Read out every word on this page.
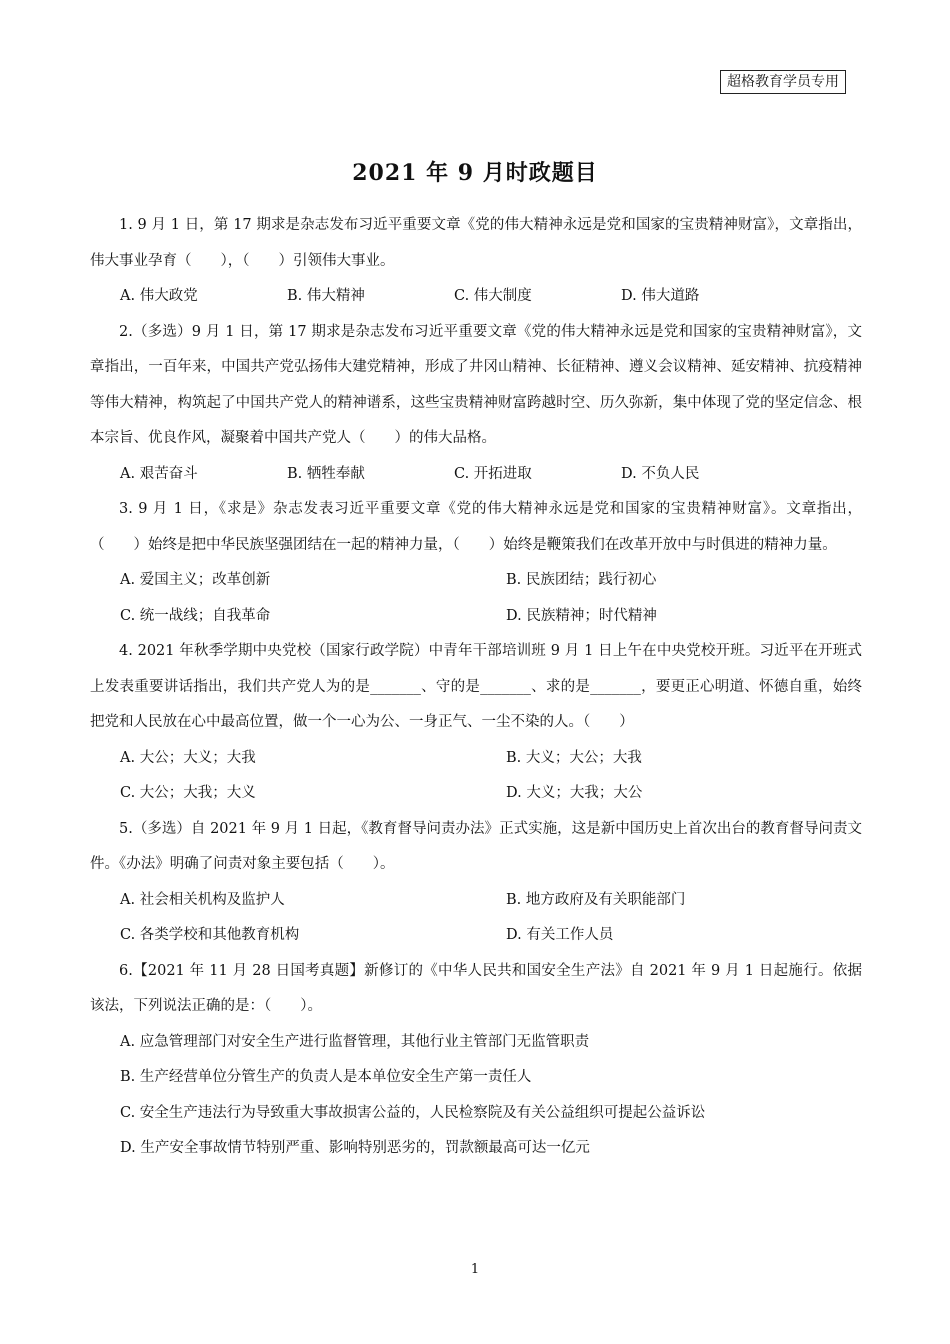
超格教育学员专用
2021 年 9 月时政题目

1. 9 月 1 日，第 17 期求是杂志发布习近平重要文章《党的伟大精神永远是党和国家的宝贵精神财富》，文章指出，伟大事业孕育（　　），（　　）引领伟大事业。

A. 伟大政党	B. 伟大精神	C. 伟大制度	D. 伟大道路

2.（多选）9 月 1 日，第 17 期求是杂志发布习近平重要文章《党的伟大精神永远是党和国家的宝贵精神财富》，文章指出，一百年来，中国共产党弘扬伟大建党精神，形成了井冈山精神、长征精神、遵义会议精神、延安精神、抗疫精神等伟大精神，构筑起了中国共产党人的精神谱系，这些宝贵精神财富跨越时空、历久弥新，集中体现了党的坚定信念、根本宗旨、优良作风，凝聚着中国共产党人（　　）的伟大品格。

A. 艰苦奋斗	B. 牺牲奉献	C. 开拓进取	D. 不负人民

3. 9 月 1 日，《求是》杂志发表习近平重要文章《党的伟大精神永远是党和国家的宝贵精神财富》。文章指出，（　　）始终是把中华民族坚强团结在一起的精神力量，（　　）始终是鞭策我们在改革开放中与时俱进的精神力量。

A. 爱国主义；改革创新	B. 民族团结；践行初心
C. 统一战线；自我革命	D. 民族精神；时代精神

4. 2021 年秋季学期中央党校（国家行政学院）中青年干部培训班 9 月 1 日上午在中央党校开班。习近平在开班式上发表重要讲话指出，我们共产党人为的是_______、守的是_______、求的是_______，要更正心明道、怀德自重，始终把党和人民放在心中最高位置，做一个一心为公、一身正气、一尘不染的人。（　　）

A. 大公；大义；大我	B. 大义；大公；大我
C. 大公；大我；大义	D. 大义；大我；大公

5.（多选）自 2021 年 9 月 1 日起，《教育督导问责办法》正式实施，这是新中国历史上首次出台的教育督导问责文件。《办法》明确了问责对象主要包括（　　）。

A. 社会相关机构及监护人	B. 地方政府及有关职能部门
C. 各类学校和其他教育机构	D. 有关工作人员

6.【2021 年 11 月 28 日国考真题】新修订的《中华人民共和国安全生产法》自 2021 年 9 月 1 日起施行。依据该法，下列说法正确的是：（　　）。

A. 应急管理部门对安全生产进行监督管理，其他行业主管部门无监管职责
B. 生产经营单位分管生产的负责人是本单位安全生产第一责任人
C. 安全生产违法行为导致重大事故损害公益的，人民检察院及有关公益组织可提起公益诉讼
D. 生产安全事故情节特别严重、影响特别恶劣的，罚款额最高可达一亿元
1
